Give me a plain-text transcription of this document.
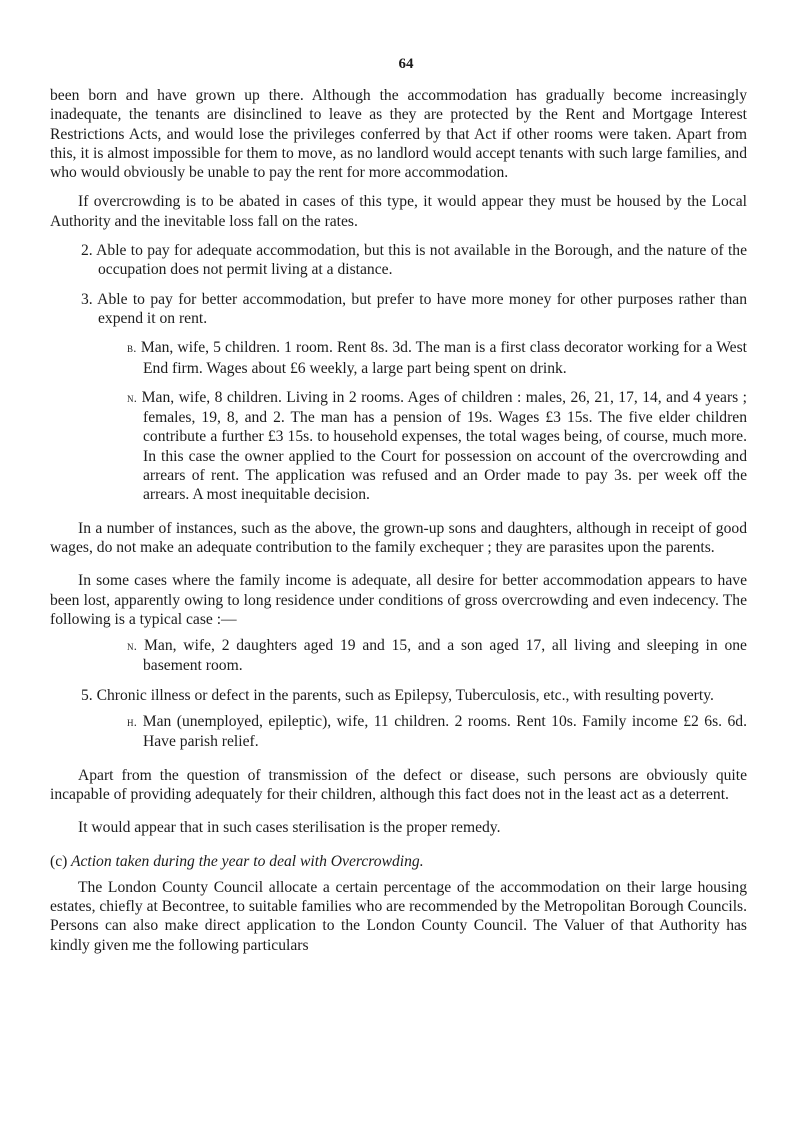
64

been born and have grown up there. Although the accommodation has gradually become increasingly inadequate, the tenants are disinclined to leave as they are protected by the Rent and Mortgage Interest Restrictions Acts, and would lose the privileges conferred by that Act if other rooms were taken. Apart from this, it is almost impossible for them to move, as no landlord would accept tenants with such large families, and who would obviously be unable to pay the rent for more accommodation.

If overcrowding is to be abated in cases of this type, it would appear they must be housed by the Local Authority and the inevitable loss fall on the rates.

2. Able to pay for adequate accommodation, but this is not available in the Borough, and the nature of the occupation does not permit living at a distance.

3. Able to pay for better accommodation, but prefer to have more money for other purposes rather than expend it on rent.

b. Man, wife, 5 children. 1 room. Rent 8s. 3d. The man is a first class decorator working for a West End firm. Wages about £6 weekly, a large part being spent on drink.

n. Man, wife, 8 children. Living in 2 rooms. Ages of children : males, 26, 21, 17, 14, and 4 years ; females, 19, 8, and 2. The man has a pension of 19s. Wages £3 15s. The five elder children contribute a further £3 15s. to household expenses, the total wages being, of course, much more. In this case the owner applied to the Court for possession on account of the overcrowding and arrears of rent. The application was refused and an Order made to pay 3s. per week off the arrears. A most inequitable decision.

In a number of instances, such as the above, the grown-up sons and daughters, although in receipt of good wages, do not make an adequate contribution to the family exchequer ; they are parasites upon the parents.

In some cases where the family income is adequate, all desire for better accommodation appears to have been lost, apparently owing to long residence under conditions of gross overcrowding and even indecency. The following is a typical case :—

n. Man, wife, 2 daughters aged 19 and 15, and a son aged 17, all living and sleeping in one basement room.

5. Chronic illness or defect in the parents, such as Epilepsy, Tuberculosis, etc., with resulting poverty.

h. Man (unemployed, epileptic), wife, 11 children. 2 rooms. Rent 10s. Family income £2 6s. 6d. Have parish relief.

Apart from the question of transmission of the defect or disease, such persons are obviously quite incapable of providing adequately for their children, although this fact does not in the least act as a deterrent.

It would appear that in such cases sterilisation is the proper remedy.

(c) Action taken during the year to deal with Overcrowding.

The London County Council allocate a certain percentage of the accommodation on their large housing estates, chiefly at Becontree, to suitable families who are recommended by the Metropolitan Borough Councils. Persons can also make direct application to the London County Council. The Valuer of that Authority has kindly given me the following particulars
